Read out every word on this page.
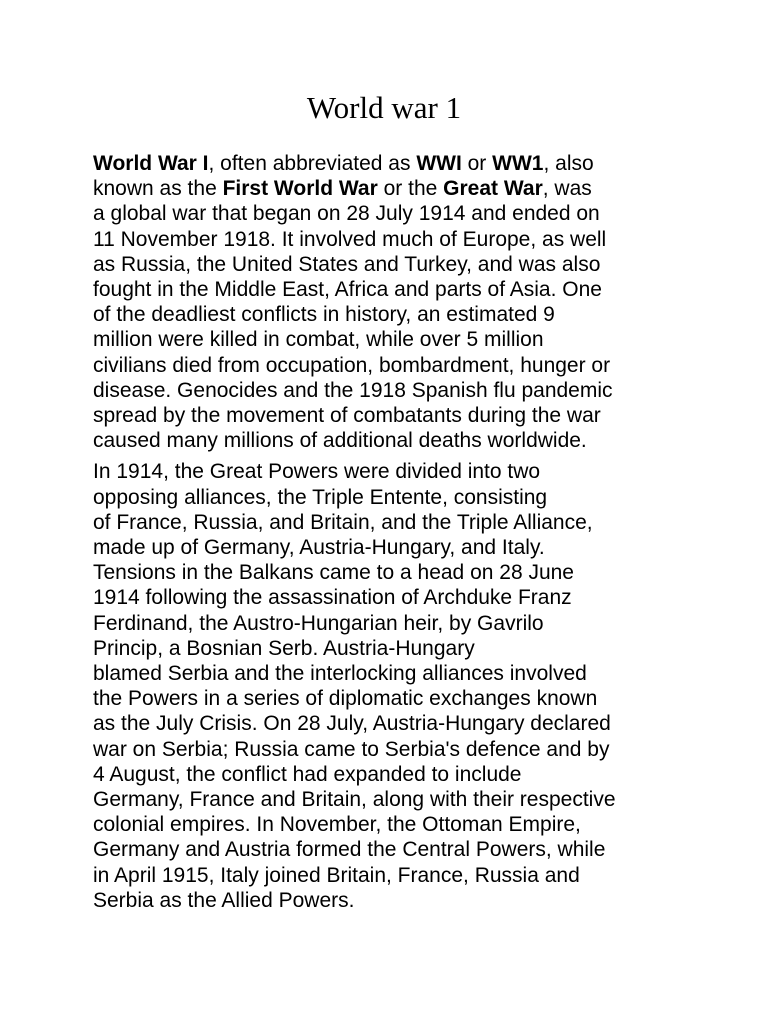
World war 1

World War I, often abbreviated as WWI or WW1, also
known as the First World War or the Great War, was
a global war that began on 28 July 1914 and ended on
11 November 1918. It involved much of Europe, as well
as Russia, the United States and Turkey, and was also
fought in the Middle East, Africa and parts of Asia. One
of the deadliest conflicts in history, an estimated 9
million were killed in combat, while over 5 million
civilians died from occupation, bombardment, hunger or
disease. Genocides and the 1918 Spanish flu pandemic
spread by the movement of combatants during the war
caused many millions of additional deaths worldwide.

In 1914, the Great Powers were divided into two
opposing alliances, the Triple Entente, consisting
of France, Russia, and Britain, and the Triple Alliance,
made up of Germany, Austria-Hungary, and Italy.
Tensions in the Balkans came to a head on 28 June
1914 following the assassination of Archduke Franz
Ferdinand, the Austro-Hungarian heir, by Gavrilo
Princip, a Bosnian Serb. Austria-Hungary
blamed Serbia and the interlocking alliances involved
the Powers in a series of diplomatic exchanges known
as the July Crisis. On 28 July, Austria-Hungary declared
war on Serbia; Russia came to Serbia's defence and by
4 August, the conflict had expanded to include
Germany, France and Britain, along with their respective
colonial empires. In November, the Ottoman Empire,
Germany and Austria formed the Central Powers, while
in April 1915, Italy joined Britain, France, Russia and
Serbia as the Allied Powers.
